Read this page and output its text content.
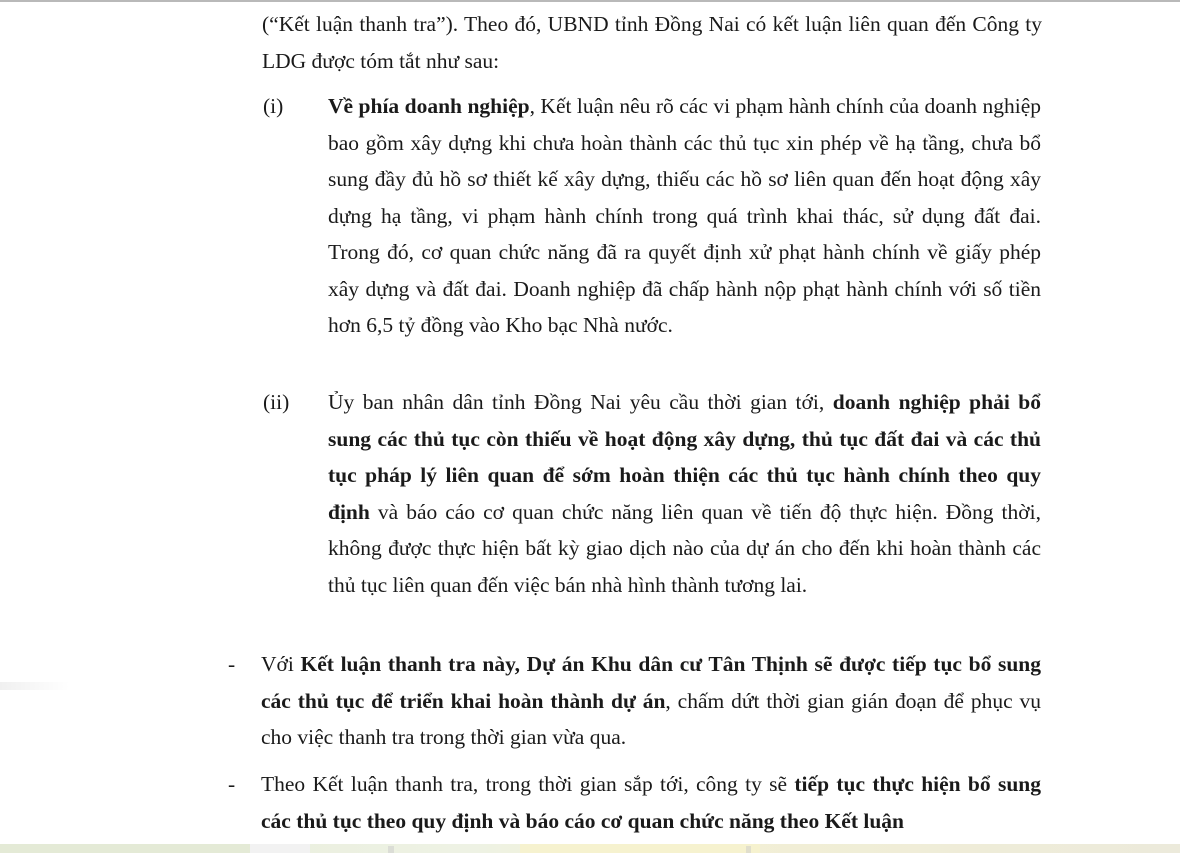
(“Kết luận thanh tra”). Theo đó, UBND tỉnh Đồng Nai có kết luận liên quan đến Công ty LDG được tóm tắt như sau:

(i) Về phía doanh nghiệp, Kết luận nêu rõ các vi phạm hành chính của doanh nghiệp bao gồm xây dựng khi chưa hoàn thành các thủ tục xin phép về hạ tầng, chưa bổ sung đầy đủ hồ sơ thiết kế xây dựng, thiếu các hồ sơ liên quan đến hoạt động xây dựng hạ tầng, vi phạm hành chính trong quá trình khai thác, sử dụng đất đai. Trong đó, cơ quan chức năng đã ra quyết định xử phạt hành chính về giấy phép xây dựng và đất đai. Doanh nghiệp đã chấp hành nộp phạt hành chính với số tiền hơn 6,5 tỷ đồng vào Kho bạc Nhà nước.

(ii) Ủy ban nhân dân tỉnh Đồng Nai yêu cầu thời gian tới, doanh nghiệp phải bổ sung các thủ tục còn thiếu về hoạt động xây dựng, thủ tục đất đai và các thủ tục pháp lý liên quan để sớm hoàn thiện các thủ tục hành chính theo quy định và báo cáo cơ quan chức năng liên quan về tiến độ thực hiện. Đồng thời, không được thực hiện bất kỳ giao dịch nào của dự án cho đến khi hoàn thành các thủ tục liên quan đến việc bán nhà hình thành tương lai.

- Với Kết luận thanh tra này, Dự án Khu dân cư Tân Thịnh sẽ được tiếp tục bổ sung các thủ tục để triển khai hoàn thành dự án, chấm dứt thời gian gián đoạn để phục vụ cho việc thanh tra trong thời gian vừa qua.

- Theo Kết luận thanh tra, trong thời gian sắp tới, công ty sẽ tiếp tục thực hiện bổ sung các thủ tục theo quy định và báo cáo cơ quan chức năng theo Kết luận
